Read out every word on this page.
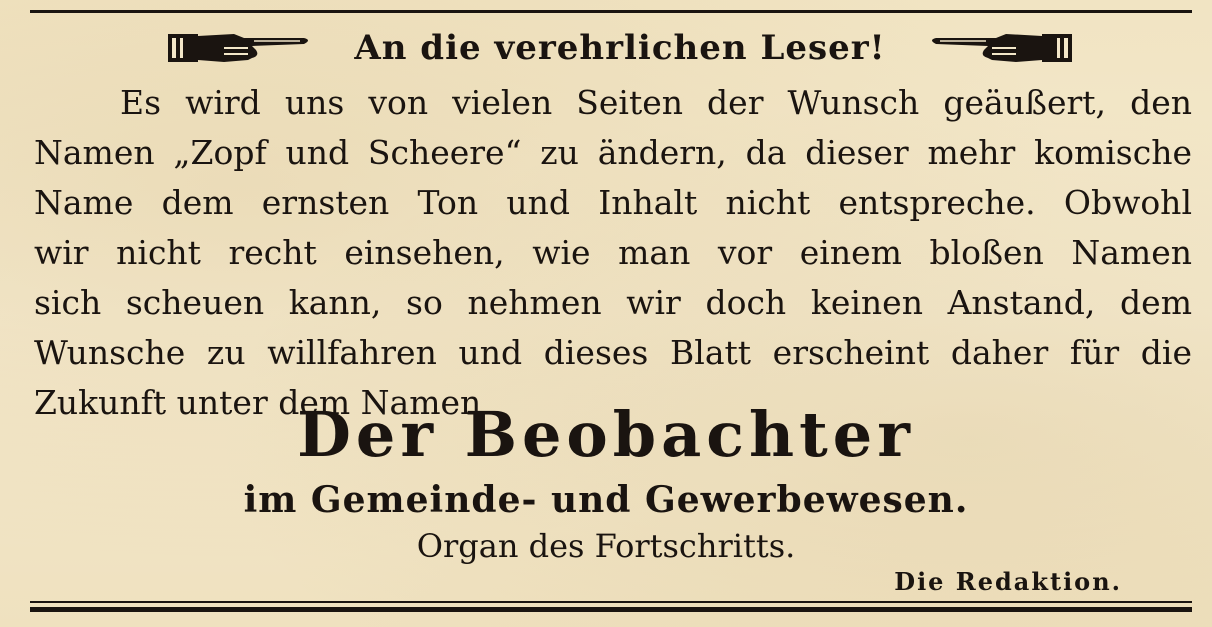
An die verehrlichen Leser!
Es wird uns von vielen Seiten der Wunsch geäußert, den
Namen „Zopf und Scheere“ zu ändern, da dieser mehr komische
Name dem ernsten Ton und Inhalt nicht entspreche. Obwohl
wir nicht recht einsehen, wie man vor einem bloßen Namen
sich scheuen kann, so nehmen wir doch keinen Anstand, dem
Wunsche zu willfahren und dieses Blatt erscheint daher für die
Zukunft unter dem Namen
Der Beobachter
im Gemeinde- und Gewerbewesen.
Organ des Fortschritts.
Die Redaktion.
